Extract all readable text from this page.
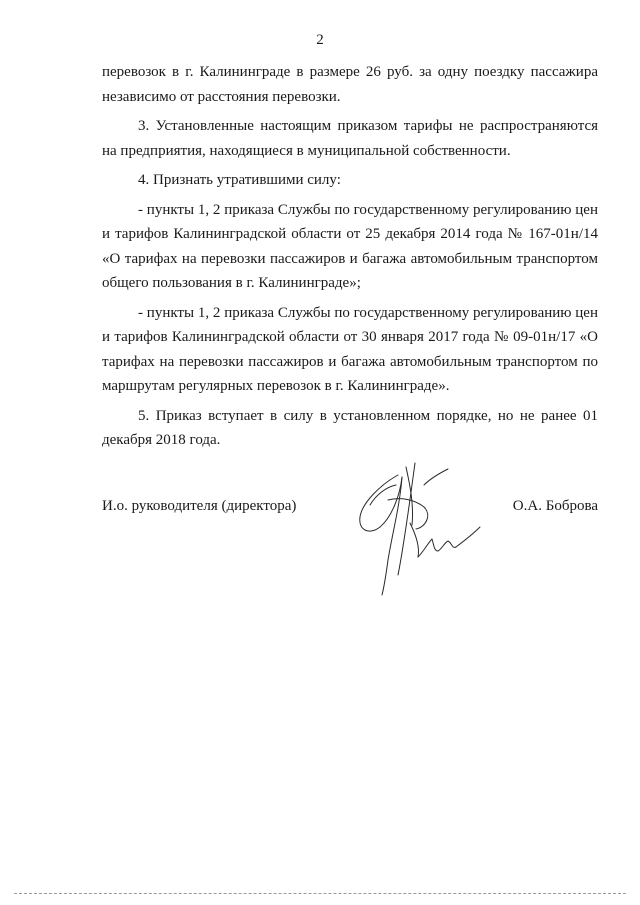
2

перевозок в г. Калининграде в размере 26 руб. за одну поездку пассажира независимо от расстояния перевозки.

3. Установленные настоящим приказом тарифы не распространяются на предприятия, находящиеся в муниципальной собственности.

4. Признать утратившими силу:

- пункты 1, 2 приказа Службы по государственному регулированию цен и тарифов Калининградской области от 25 декабря 2014 года № 167-01н/14 «О тарифах на перевозки пассажиров и багажа автомобильным транспортом общего пользования в г. Калининграде»;

- пункты 1, 2 приказа Службы по государственному регулированию цен и тарифов Калининградской области от 30 января 2017 года № 09-01н/17 «О тарифах на перевозки пассажиров и багажа автомобильным транспортом по маршрутам регулярных перевозок в г. Калининграде».

5. Приказ вступает в силу в установленном порядке, но не ранее 01 декабря 2018 года.

И.о. руководителя (директора)	О.А. Боброва
